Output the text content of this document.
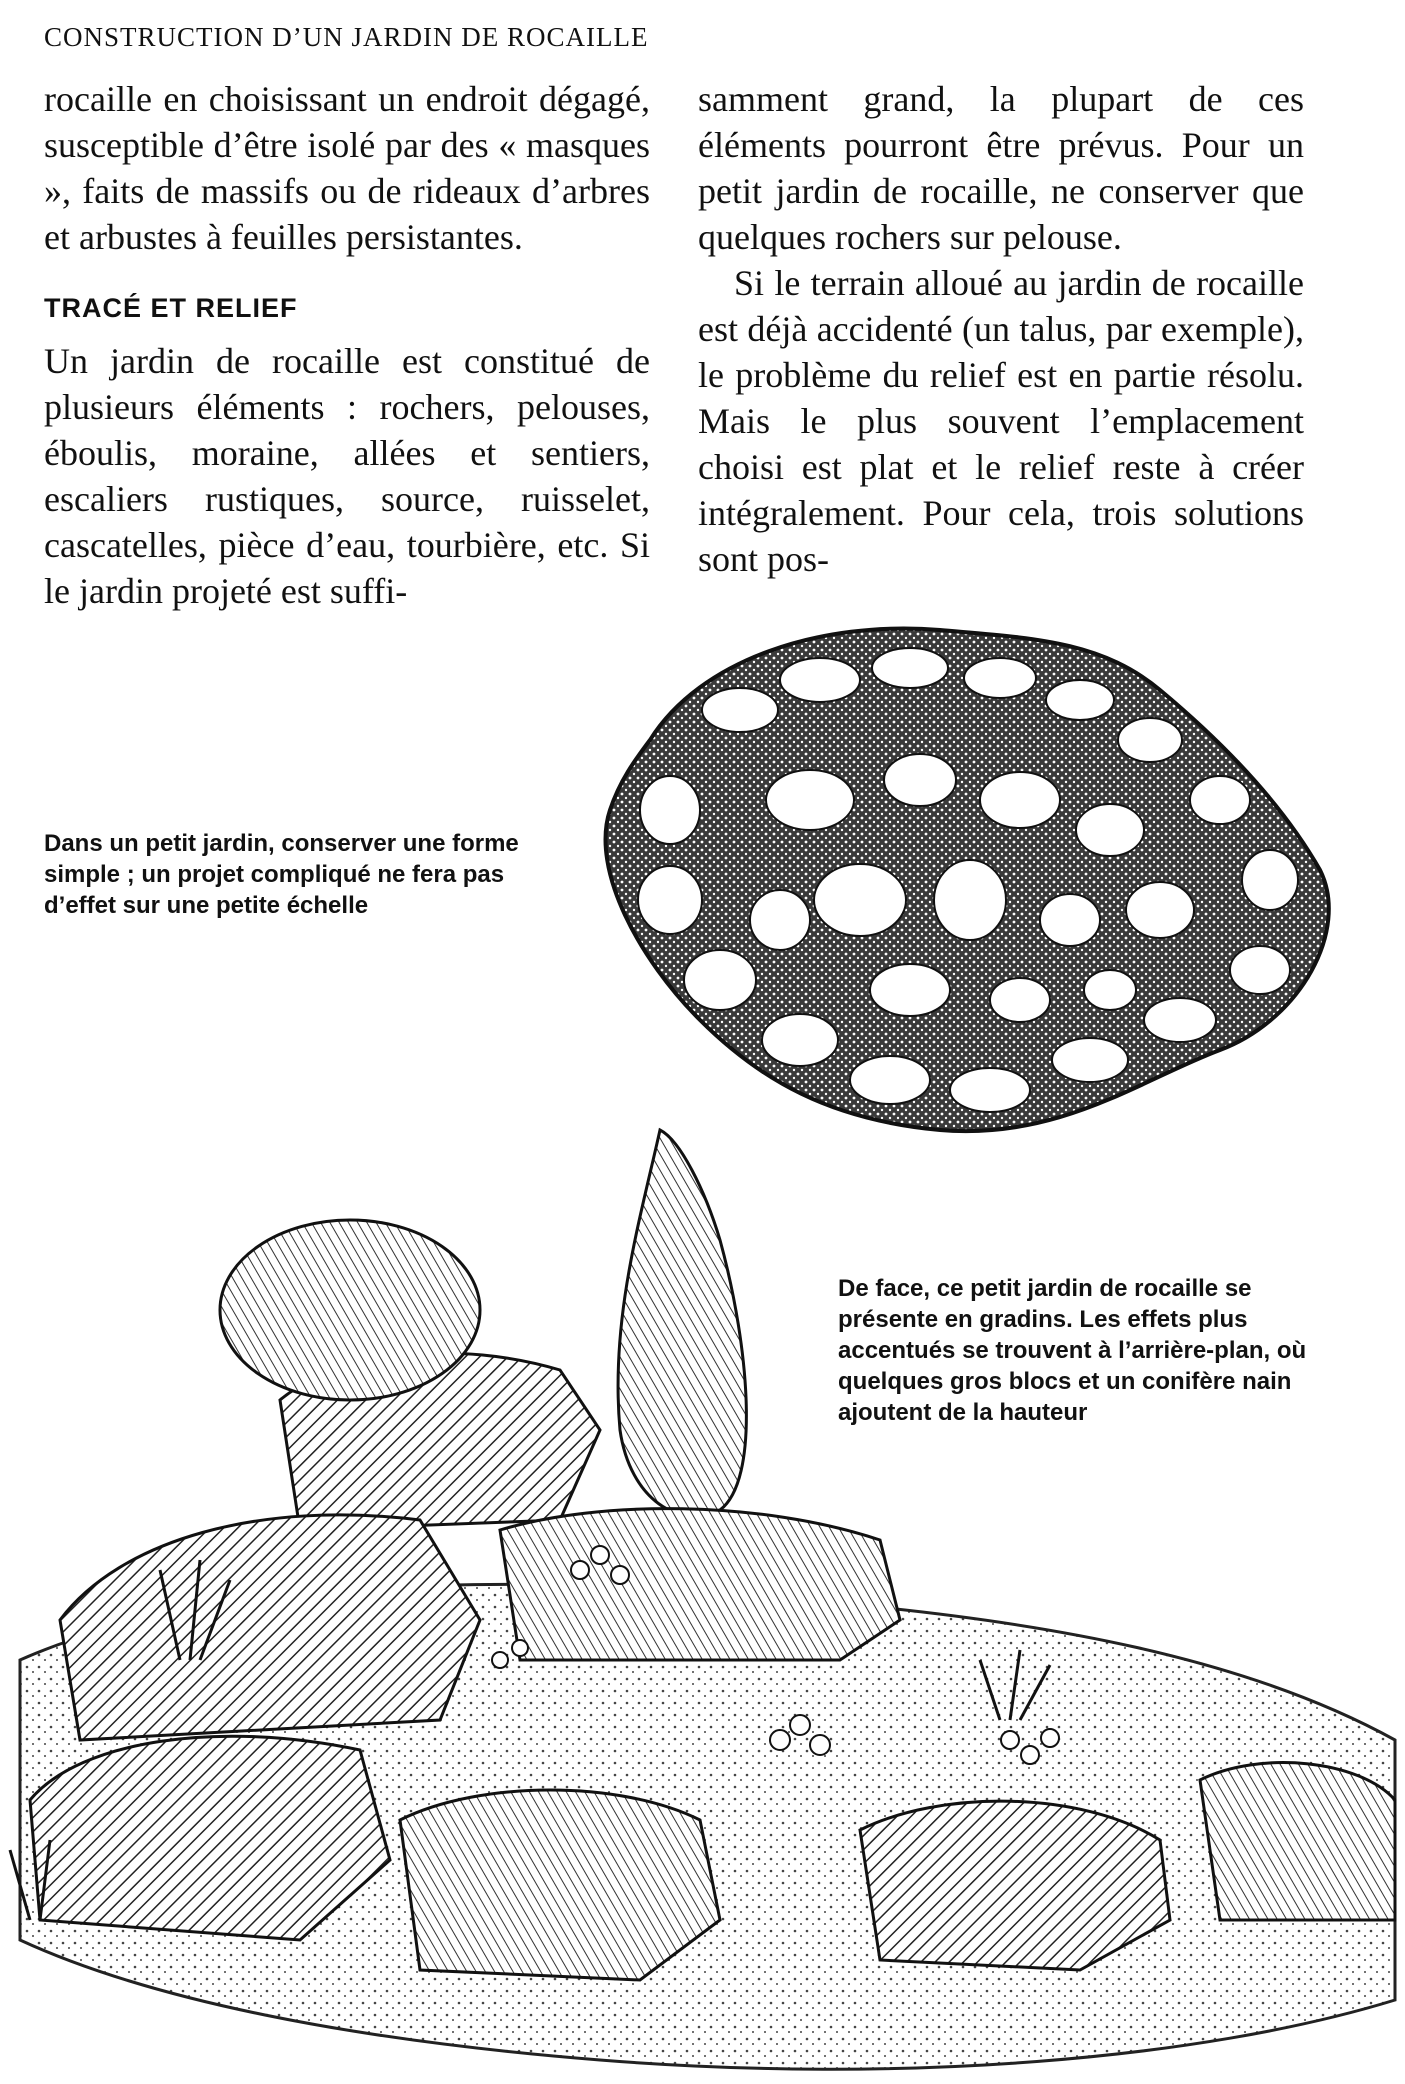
CONSTRUCTION D’UN JARDIN DE ROCAILLE

rocaille en choisissant un endroit dégagé, susceptible d’être isolé par des « masques », faits de massifs ou de rideaux d’arbres et arbustes à feuilles persistantes.

TRACÉ ET RELIEF

Un jardin de rocaille est constitué de plusieurs éléments : rochers, pelouses, éboulis, moraine, allées et sentiers, escaliers rustiques, source, ruisselet, cascatelles, pièce d’eau, tourbière, etc. Si le jardin projeté est suffi-

samment grand, la plupart de ces éléments pourront être prévus. Pour un petit jardin de rocaille, ne conserver que quelques rochers sur pelouse.

Si le terrain alloué au jardin de rocaille est déjà accidenté (un talus, par exemple), le problème du relief est en partie résolu. Mais le plus souvent l’emplacement choisi est plat et le relief reste à créer intégralement. Pour cela, trois solutions sont pos-

Dans un petit jardin, conserver une forme simple ; un projet compliqué ne fera pas d’effet sur une petite échelle
De face, ce petit jardin de rocaille se présente en gradins. Les effets plus accentués se trouvent à l’arrière-plan, où quelques gros blocs et un conifère nain ajoutent de la hauteur
